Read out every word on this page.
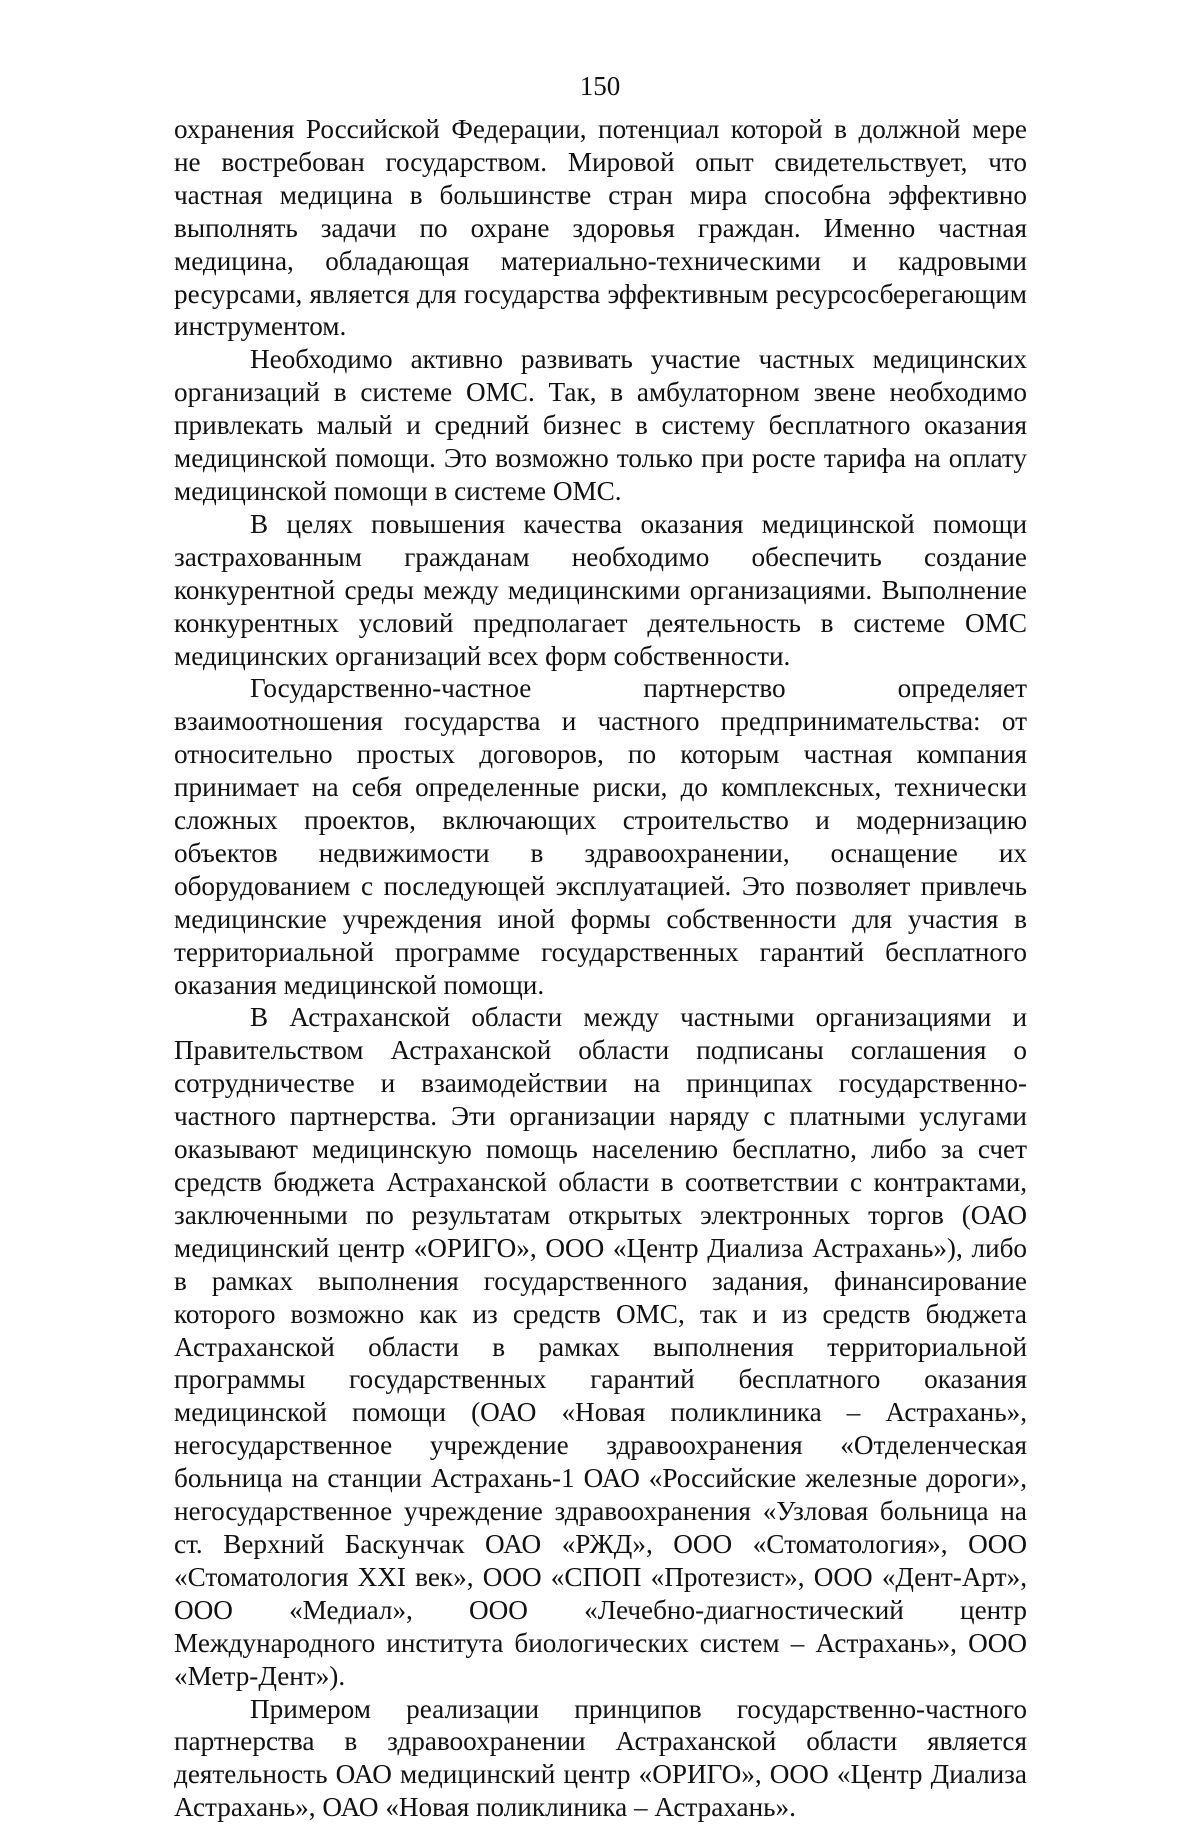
150

охранения Российской Федерации, потенциал которой в должной мере не востребован государством. Мировой опыт свидетельствует, что частная медицина в большинстве стран мира способна эффективно выполнять задачи по охране здоровья граждан. Именно частная медицина, обладающая материально-техническими и кадровыми ресурсами, является для государства эффективным ресурсосберегающим инструментом.

Необходимо активно развивать участие частных медицинских организаций в системе ОМС. Так, в амбулаторном звене необходимо привлекать малый и средний бизнес в систему бесплатного оказания медицинской помощи. Это возможно только при росте тарифа на оплату медицинской помощи в системе ОМС.

В целях повышения качества оказания медицинской помощи застрахованным гражданам необходимо обеспечить создание конкурентной среды между медицинскими организациями. Выполнение конкурентных условий предполагает деятельность в системе ОМС медицинских организаций всех форм собственности.

Государственно-частное партнерство определяет взаимоотношения государства и частного предпринимательства: от относительно простых договоров, по которым частная компания принимает на себя определенные риски, до комплексных, технически сложных проектов, включающих строительство и модернизацию объектов недвижимости в здравоохранении, оснащение их оборудованием с последующей эксплуатацией. Это позволяет привлечь медицинские учреждения иной формы собственности для участия в территориальной программе государственных гарантий бесплатного оказания медицинской помощи.

В Астраханской области между частными организациями и Правительством Астраханской области подписаны соглашения о сотрудничестве и взаимодействии на принципах государственно-частного партнерства. Эти организации наряду с платными услугами оказывают медицинскую помощь населению бесплатно, либо за счет средств бюджета Астраханской области в соответствии с контрактами, заключенными по результатам открытых электронных торгов (ОАО медицинский центр «ОРИГО», ООО «Центр Диализа Астрахань»), либо в рамках выполнения государственного задания, финансирование которого возможно как из средств ОМС, так и из средств бюджета Астраханской области в рамках выполнения территориальной программы государственных гарантий бесплатного оказания медицинской помощи (ОАО «Новая поликлиника – Астрахань», негосударственное учреждение здравоохранения «Отделенческая больница на станции Астрахань-1 ОАО «Российские железные дороги», негосударственное учреждение здравоохранения «Узловая больница на ст. Верхний Баскунчак ОАО «РЖД», ООО «Стоматология», ООО «Стоматология XXI век», ООО «СПОП «Протезист», ООО «Дент-Арт», ООО «Медиал», ООО «Лечебно-диагностический центр Международного института биологических систем – Астрахань», ООО «Метр-Дент»).

Примером реализации принципов государственно-частного партнерства в здравоохранении Астраханской области является деятельность ОАО медицинский центр «ОРИГО», ООО «Центр Диализа Астрахань», ОАО «Новая поликлиника – Астрахань».
